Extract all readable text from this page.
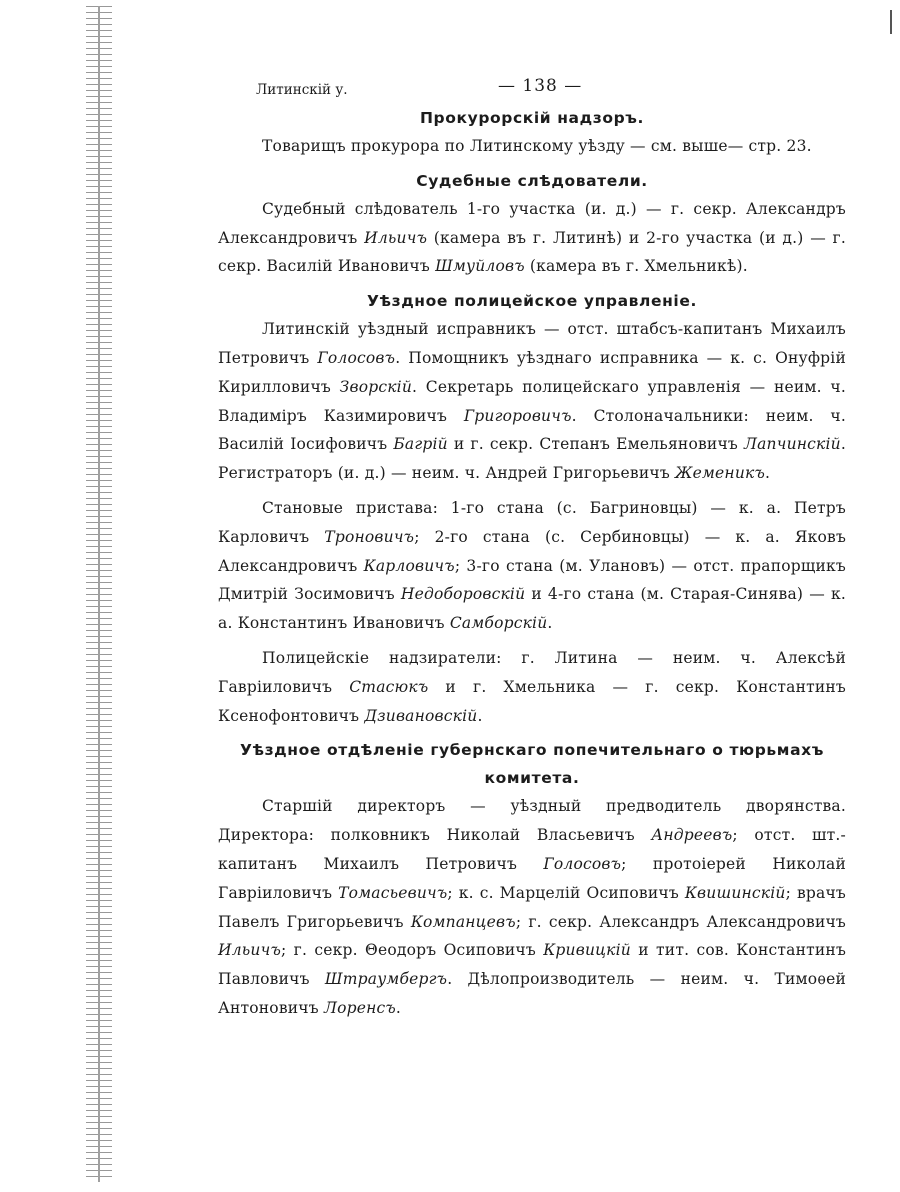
Литинскій у.	— 138 —
Прокурорскій надзоръ.

Товарищъ прокурора по Литинскому уѣзду — см. выше— стр. 23.

Судебные слѣдователи.

Судебный слѣдователь 1-го участка (и. д.) — г. секр. Александръ Александровичъ Ильичъ (камера въ г. Литинѣ) и 2-го участка (и д.) — г. секр. Василій Ивановичъ Шмуйловъ (камера въ г. Хмельникѣ).

Уѣздное полицейское управленіе.

Литинскій уѣздный исправникъ — отст. штабсъ-капитанъ Михаилъ Петровичъ Голосовъ. Помощникъ уѣзднаго исправника — к. с. Онуфрій Кирилловичъ Зворскій. Секретарь полицейскаго управленія — неим. ч. Владиміръ Казимировичъ Григоровичъ. Столоначальники: неим. ч. Василій Іосифовичъ Багрій и г. секр. Степанъ Емельяновичъ Лапчинскій. Регистраторъ (и. д.) — неим. ч. Андрей Григорьевичъ Жеменикъ.

Становые пристава: 1-го стана (с. Багриновцы) — к. а. Петръ Карловичъ Троновичъ; 2-го стана (с. Сербиновцы) — к. а. Яковъ Александровичъ Карловичъ; 3-го стана (м. Улановъ) — отст. прапорщикъ Дмитрій Зосимовичъ Недоборовскій и 4-го стана (м. Старая-Синява) — к. а. Константинъ Ивановичъ Самборскій.

Полицейскіе надзиратели: г. Литина — неим. ч. Алексѣй Гавріиловичъ Стасюкъ и г. Хмельника — г. секр. Константинъ Ксенофонтовичъ Дзивановскій.

Уѣздное отдѣленіе губернскаго попечительнаго о тюрьмахъ комитета.

Старшій директоръ — уѣздный предводитель дворянства. Директора: полковникъ Николай Власьевичъ Андреевъ; отст. шт.-капитанъ Михаилъ Петровичъ Голосовъ; протоіерей Николай Гавріиловичъ Томасьевичъ; к. с. Марцелій Осиповичъ Квишинскій; врачъ Павелъ Григорьевичъ Компанцевъ; г. секр. Александръ Александровичъ Ильичъ; г. секр. Θеодоръ Осиповичъ Кривицкій и тит. сов. Константинъ Павловичъ Штраумбергъ. Дѣлопроизводитель — неим. ч. Тимоѳей Антоновичъ Лоренсъ.
